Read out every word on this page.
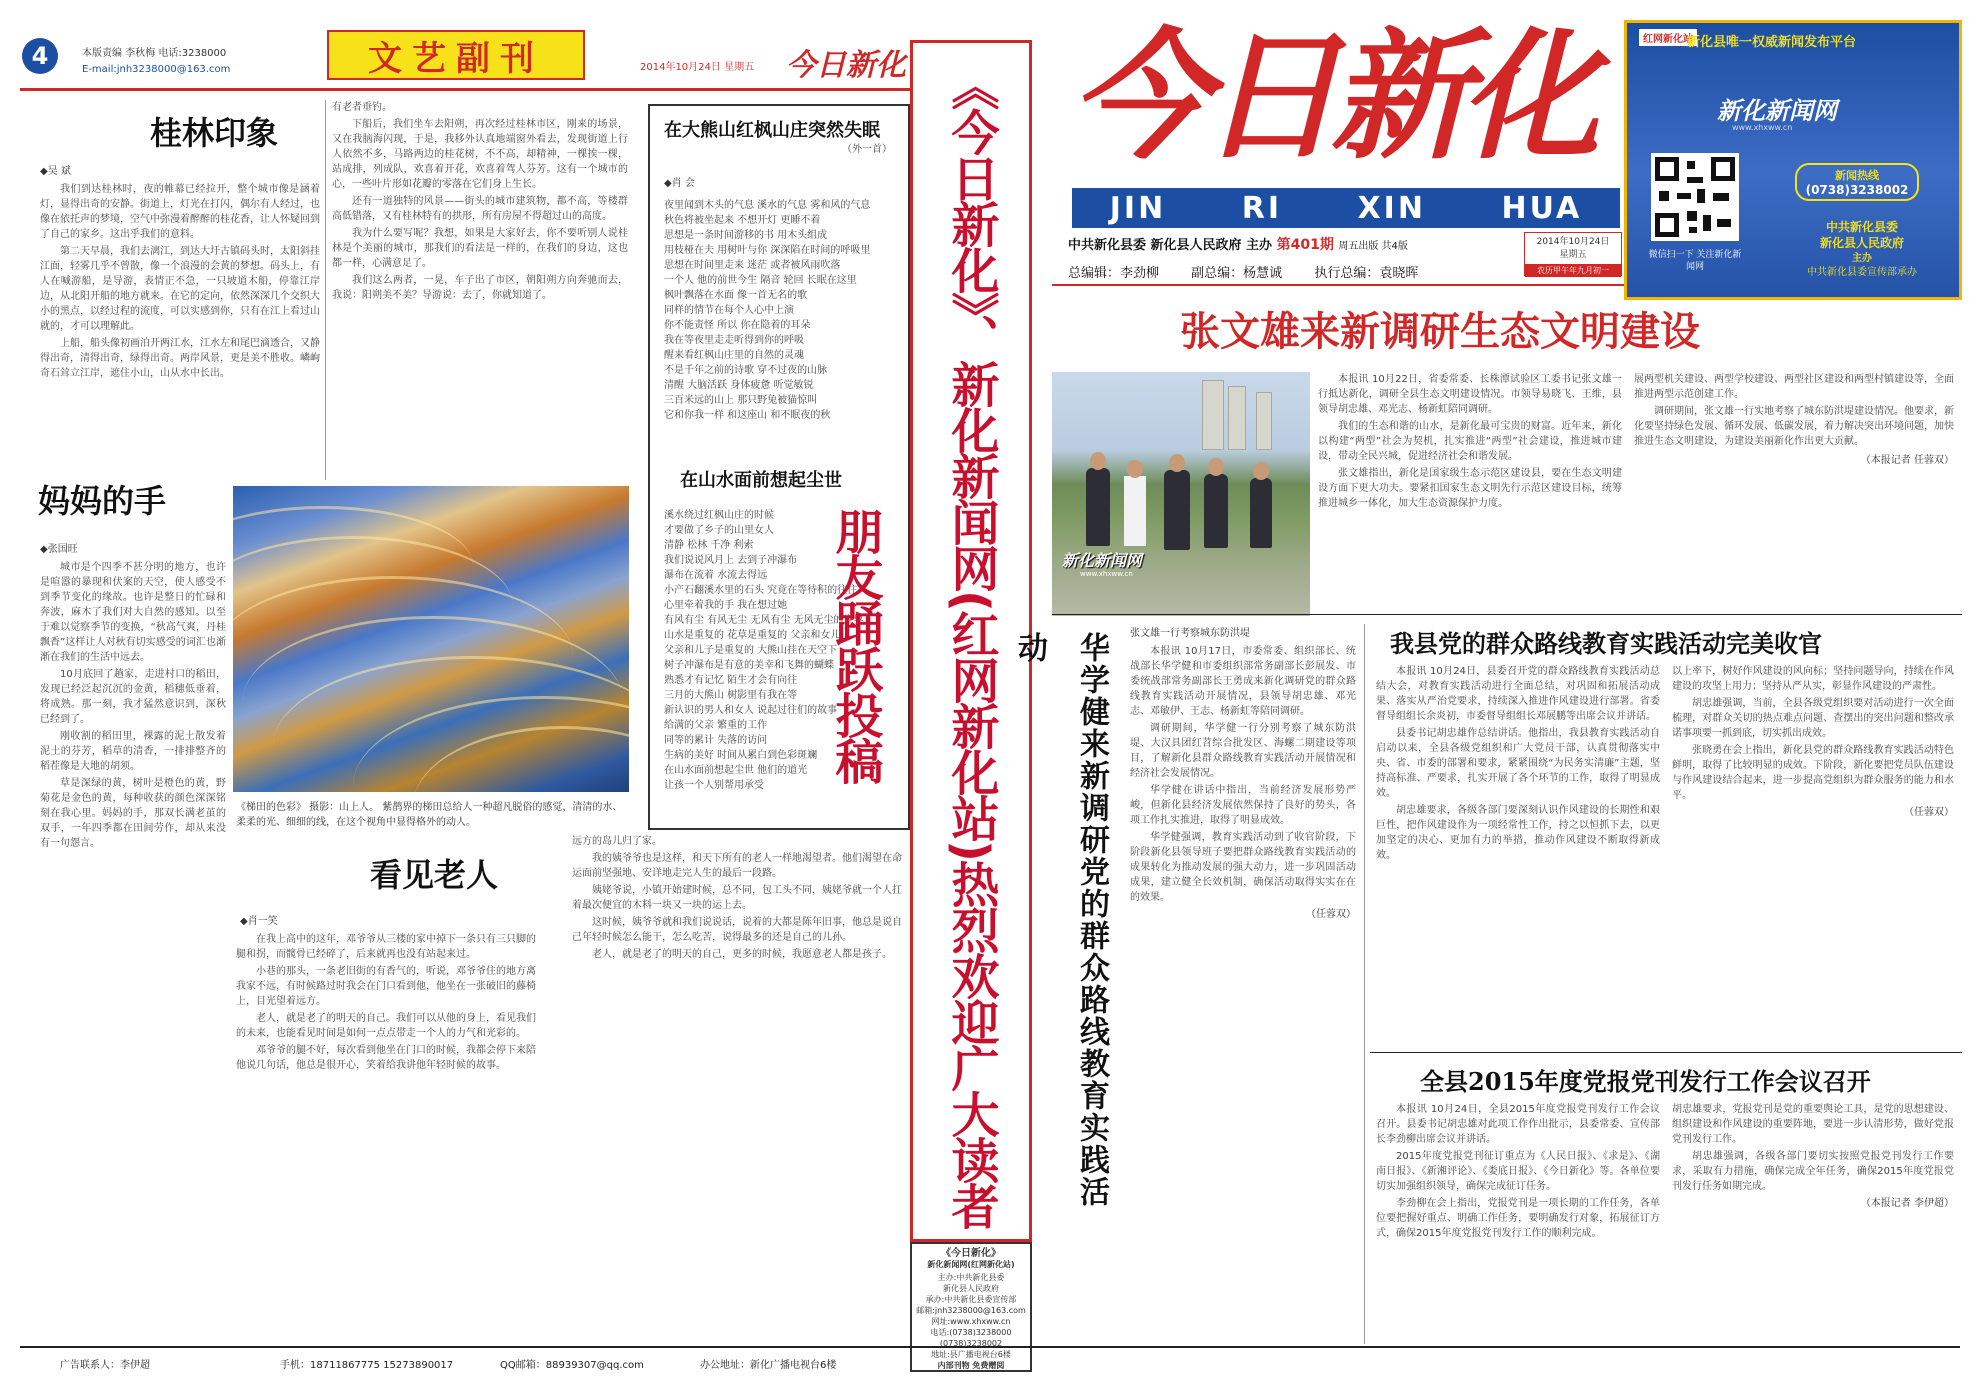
4	本版责编 李秋梅 电话:3238000
E-mail:jnh3238000@163.com	文艺副刊	2014年10月24日 星期五 今日新化
桂林印象
◆吴 斌

我们到达桂林时，夜的帷幕已经拉开，整个城市像是涵着灯，显得出奇的安静。街道上，灯光在打闪，偶尔有人经过，也像在依托声的梦境，空气中弥漫着醉醉的桂花香，让人怀疑回到了自己的家乡。这出乎我们的意料。

第二天早晨，我们去漓江，到达大圩古镇码头时，太阳斜挂江面，轻雾几乎不曾散，像一个浪漫的会黄的梦想。码头上，有人在喊游船，是导游，表情正不急，一只坡道木船，停靠江岸边，从北阳开船的地方就来。在它的定向，依然深深几个交织大小的黑点，以经过程的流度，可以实感到你，只有在江上看过山就的，才可以理解此。

上船，船头像初画泊开两江水，江水左和尾巴滴透合，又静得出奇，清得出奇，绿得出奇。两岸风景，更是美不胜收。嶙峋奇石耸立江岸，遮住小山，山从水中长出。

有老者垂钓。

下船后，我们坐车去阳朔，再次经过桂林市区，刚来的场景，又在我脑海闪现，于是，我移外认真地端窗外看去，发现街道上行人依然不多，马路两边的桂花树，不不高，却精神，一棵挨一棵，站成排，列成队，欢喜着开花，欢喜着驾人芬芳。这有一个城市的心，一些叶片形如花瓣的零落在它们身上生长。

还有一道独特的风景——街头的城市建筑物，都不高，等楼群高低错落，又有桂林特有的拱形，所有房屋不得超过山的高度。

我为什么要写呢？我想，如果是大家好去，你不要听别人说桂林是个美丽的城市，那我们的看法是一样的，在我们的身边，这也都一样，心满意足了。

我们这么两者，一晃，车子出了市区，朝阳朔方向奔驰而去，我说：阳朔美不美？导游说：去了，你就知道了。

妈妈的手
◆张国旺

城市是个四季不甚分明的地方，也许是喧嚣的暴现和伏案的天空，使人感受不到季节变化的缘故。也许是整日的忙碌和奔波，麻木了我们对大自然的感知。以至于难以觉察季节的变换，“秋高气爽，丹桂飘香”这样让人对秋有切实感受的词汇也渐渐在我们的生活中远去。

10月底回了趟家，走进村口的稻田，发现已经泛起沉沉的金黄，稻穗低垂着，将成熟。那一刻，我才猛然意识到，深秋已经到了。

刚收割的稻田里，裸露的泥土散发着泥土的芬芳，稻草的清香，一排排整齐的稻茬像是大地的胡须。

草是深绿的黄，树叶是橙色的黄，野菊花是金色的黄，每种收获的颜色深深铭刻在我心里。妈妈的手，那双长满老茧的双手，一年四季都在田间劳作，却从来没有一句怨言。

《梯田的色彩》 摄影：山上人。 紫鹊界的梯田总给人一种超凡脱俗的感觉，清清的水、柔柔的光、细细的线，在这个视角中显得格外的动人。
看见老人
◆肖一笑

在我上高中的这年，邓爷爷从三楼的家中掉下一条只有三只脚的腿和拐，而髋骨已经碎了，后来就再也没有站起来过。

小巷的那头，一条老旧街的有香气的，听说，邓爷爷住的地方离我家不远，有时候路过时我会在门口看到他，他坐在一张破旧的藤椅上，目光望着远方。

老人，就是老了的明天的自己。我们可以从他的身上，看见我们的未来，也能看见时间是如何一点点带走一个人的力气和光彩的。

邓爷爷的腿不好，每次看到他坐在门口的时候，我都会停下来陪他说几句话，他总是很开心，笑着给我讲他年轻时候的故事。

远方的岛儿归了家。

我的姨爷爷也是这样，和天下所有的老人一样地渴望者。他们渴望在命运面前坚强地、安详地走完人生的最后一段路。

姨姥爷说，小镇开始建时候，总不同，包工头不同，姨姥爷就一个人扛着最次便宜的木料一块又一块的运上去。

这时候，姨爷爷就和我们说说话，说着的大都是陈年旧事，他总是说自己年轻时候怎么能干，怎么吃苦，说得最多的还是自己的儿孙。

老人，就是老了的明天的自己，更多的时候，我愿意老人都是孩子。

在大熊山红枫山庄突然失眠
（外一首）
◆肖 会
夜里闻到木头的气息 溪水的气息 雾和风的气息
秋色将被坐起来 不想开灯 更睡不着
思想是一条时间游移的书 用木头组成
用枝桠在夫 用树叶与你 深深陷在时间的呼吸里
思想在时间里走来 迷茫 或者被风雨吹落
一个人 他的前世今生 隔音 轮回 长眠在这里
枫叶飘落在水面 像一首无名的歌
同样的情节在每个人心中上演
你不能责怪 所以 你在隐着的耳朵
我在等夜里走走听得到你的呼吸
醒来看红枫山庄里的自然的灵魂
不是千年之前的诗歌 穿不过夜的山脉
清醒 大脑活跃 身体疲惫 听觉敏锐
三百米远的山上 那只野兔被猫惊叫
它和你我一样 和这座山 和不眠夜的秋
在山水面前想起尘世
溪水绕过红枫山庄的时候
才要做了乡子的山里女人
清静 松林 千净 利索
我们说说风月上 去到子冲瀑布
瀑布在流着 水流去得远
小产石翻溪水里的石头 究竟在等待积的往往
心里牵着我的手 我在想过她
有风有尘 有风无尘 无风有尘 无风无尘的世界
山水是重复的 花草是重复的 父亲和女儿
父亲和儿子是重复的 大熊山挂在天空下
树子冲瀑布是有意的美幸和飞舞的蝴蝶
熟悉才有记忆 陌生才会有向往
三月的大熊山 树影里有我在等
新认识的男人和女人 说起过往们的故事
给满的父亲 繁重的工作
同等的累计 失落的访问
生病的美好 时间从累白到色彩斑斓
在山水面前想起尘世 他们的道光
让孩一个人别帮用承受	《今日新化》、新化新闻网(红网新化站)热烈欢迎广大读者朋友踊跃投稿
《今日新化》
新化新闻网(红网新化站)
主办:中共新化县委
新化县人民政府
承办:中共新化县委宣传部
邮箱:jnh3238000@163.com
网址:www.xhxww.cn
电话:(0738)3238000
(0738)3238002
地址:县广播电视台6楼
内部刊物 免费赠阅
今日新化
JIN	RI	XIN	HUA
中共新化县委 新化县人民政府 主办 第401期 周五出版 共4版	2014年10月24日
星期五
农历甲午年九月初一
总编辑：李劲柳 副总编：杨慧诚 执行总编：袁晓晖
红网新化站
新化县唯一权威新闻发布平台
新化新闻网
www.xhxww.cn
微信扫一下 关注新化新闻网
新闻热线
(0738)3238002
中共新化县委
新化县人民政府
主办
中共新化县委宣传部承办
张文雄来新调研生态文明建设
新化新闻网
www.xhxww.cn
张文雄一行考察城东防洪堤

本报讯 10月22日，省委常委、长株潭试验区工委书记张文雄一行抵达新化，调研全县生态文明建设情况。市领导易晓飞、王维，县领导胡忠雄、邓光志、杨新虹陪同调研。

我们的生态和谐的山水，是新化最可宝贵的财富。近年来，新化以构建“两型”社会为契机，扎实推进“两型”社会建设，推进城市建设，带动全民兴城，促进经济社会和谐发展。

张文雄指出，新化是国家级生态示范区建设县，要在生态文明建设方面下更大功夫。要紧扣国家生态文明先行示范区建设目标，统筹推进城乡一体化，加大生态资源保护力度。

展两型机关建设、两型学校建设、两型社区建设和两型村镇建设等，全面推进两型示范创建工作。

调研期间，张文雄一行实地考察了城东防洪堤建设情况。他要求，新化要坚持绿色发展、循环发展、低碳发展，着力解决突出环境问题，加快推进生态文明建设，为建设美丽新化作出更大贡献。

（本报记者 任蓉双）
华学健来新调研党的群众路线教育实践活动	本报讯 10月17日，市委常委、组织部长、统战部长华学健和市委组织部常务副部长彭展发、市委统战部常务副部长王勇成来新化调研党的群众路线教育实践活动开展情况，县领导胡忠雄、邓光志、邓敏伊、王志、杨新虹等陪同调研。

调研期间，华学健一行分别考察了城东防洪堤、大汉具团红苕综合批发区、海螺二期建设等项目，了解新化县群众路线教育实践活动开展情况和经济社会发展情况。

华学健在讲话中指出，当前经济发展形势严峻，但新化县经济发展依然保持了良好的势头，各项工作扎实推进，取得了明显成效。

华学健强调，教育实践活动到了收官阶段，下阶段新化县领导班子要把群众路线教育实践活动的成果转化为推动发展的强大动力，进一步巩固活动成果，建立健全长效机制，确保活动取得实实在在的效果。

（任蓉双）
我县党的群众路线教育实践活动完美收官

本报讯 10月24日，县委召开党的群众路线教育实践活动总结大会，对教育实践活动进行全面总结，对巩固和拓展活动成果、落实从严治党要求，持续深入推进作风建设进行部署。省委督导组组长余炎初，市委督导组组长邓展鹏等出席会议并讲话。

县委书记胡忠雄作总结讲话。他指出，我县教育实践活动自启动以来，全县各级党组织和广大党员干部，认真贯彻落实中央、省、市委的部署和要求，紧紧围绕“为民务实清廉”主题，坚持高标准、严要求，扎实开展了各个环节的工作，取得了明显成效。

胡忠雄要求，各级各部门要深刻认识作风建设的长期性和艰巨性，把作风建设作为一项经常性工作，持之以恒抓下去，以更加坚定的决心、更加有力的举措，推动作风建设不断取得新成效。

以上率下，树好作风建设的风向标；坚持问题导向，持续在作风建设的攻坚上用力；坚持从严从实，彰显作风建设的严肃性。

胡忠雄强调，当前，全县各级党组织要对活动进行一次全面梳理，对群众关切的热点难点问题、查摆出的突出问题和整改承诺事项要一抓到底，切实抓出成效。

张晓勇在会上指出，新化县党的群众路线教育实践活动特色鲜明，取得了比较明显的成效。下阶段，新化要把党员队伍建设与作风建设结合起来，进一步提高党组织为群众服务的能力和水平。

（任蓉双）
全县2015年度党报党刊发行工作会议召开

本报讯 10月24日，全县2015年度党报党刊发行工作会议召开。县委书记胡忠雄对此项工作作出批示，县委常委、宣传部长李劲柳出席会议并讲话。

2015年度党报党刊征订重点为《人民日报》、《求是》、《湖南日报》、《新湘评论》、《娄底日报》、《今日新化》等。各单位要切实加强组织领导，确保完成征订任务。

李劲柳在会上指出，党报党刊是一项长期的工作任务，各单位要把握好重点、明确工作任务，要明确发行对象，拓展征订方式，确保2015年度党报党刊发行工作的顺利完成。

胡忠雄要求，党报党刊是党的重要舆论工具，是党的思想建设、组织建设和作风建设的重要阵地，要进一步认清形势，做好党报党刊发行工作。

胡忠雄强调，各级各部门要切实按照党报党刊发行工作要求，采取有力措施，确保完成全年任务，确保2015年度党报党刊发行任务如期完成。

（本报记者 李伊超）
广告联系人：李伊超	手机：18711867775 15273890017	QQ邮箱：88939307@qq.com	办公地址：新化广播电视台6楼
